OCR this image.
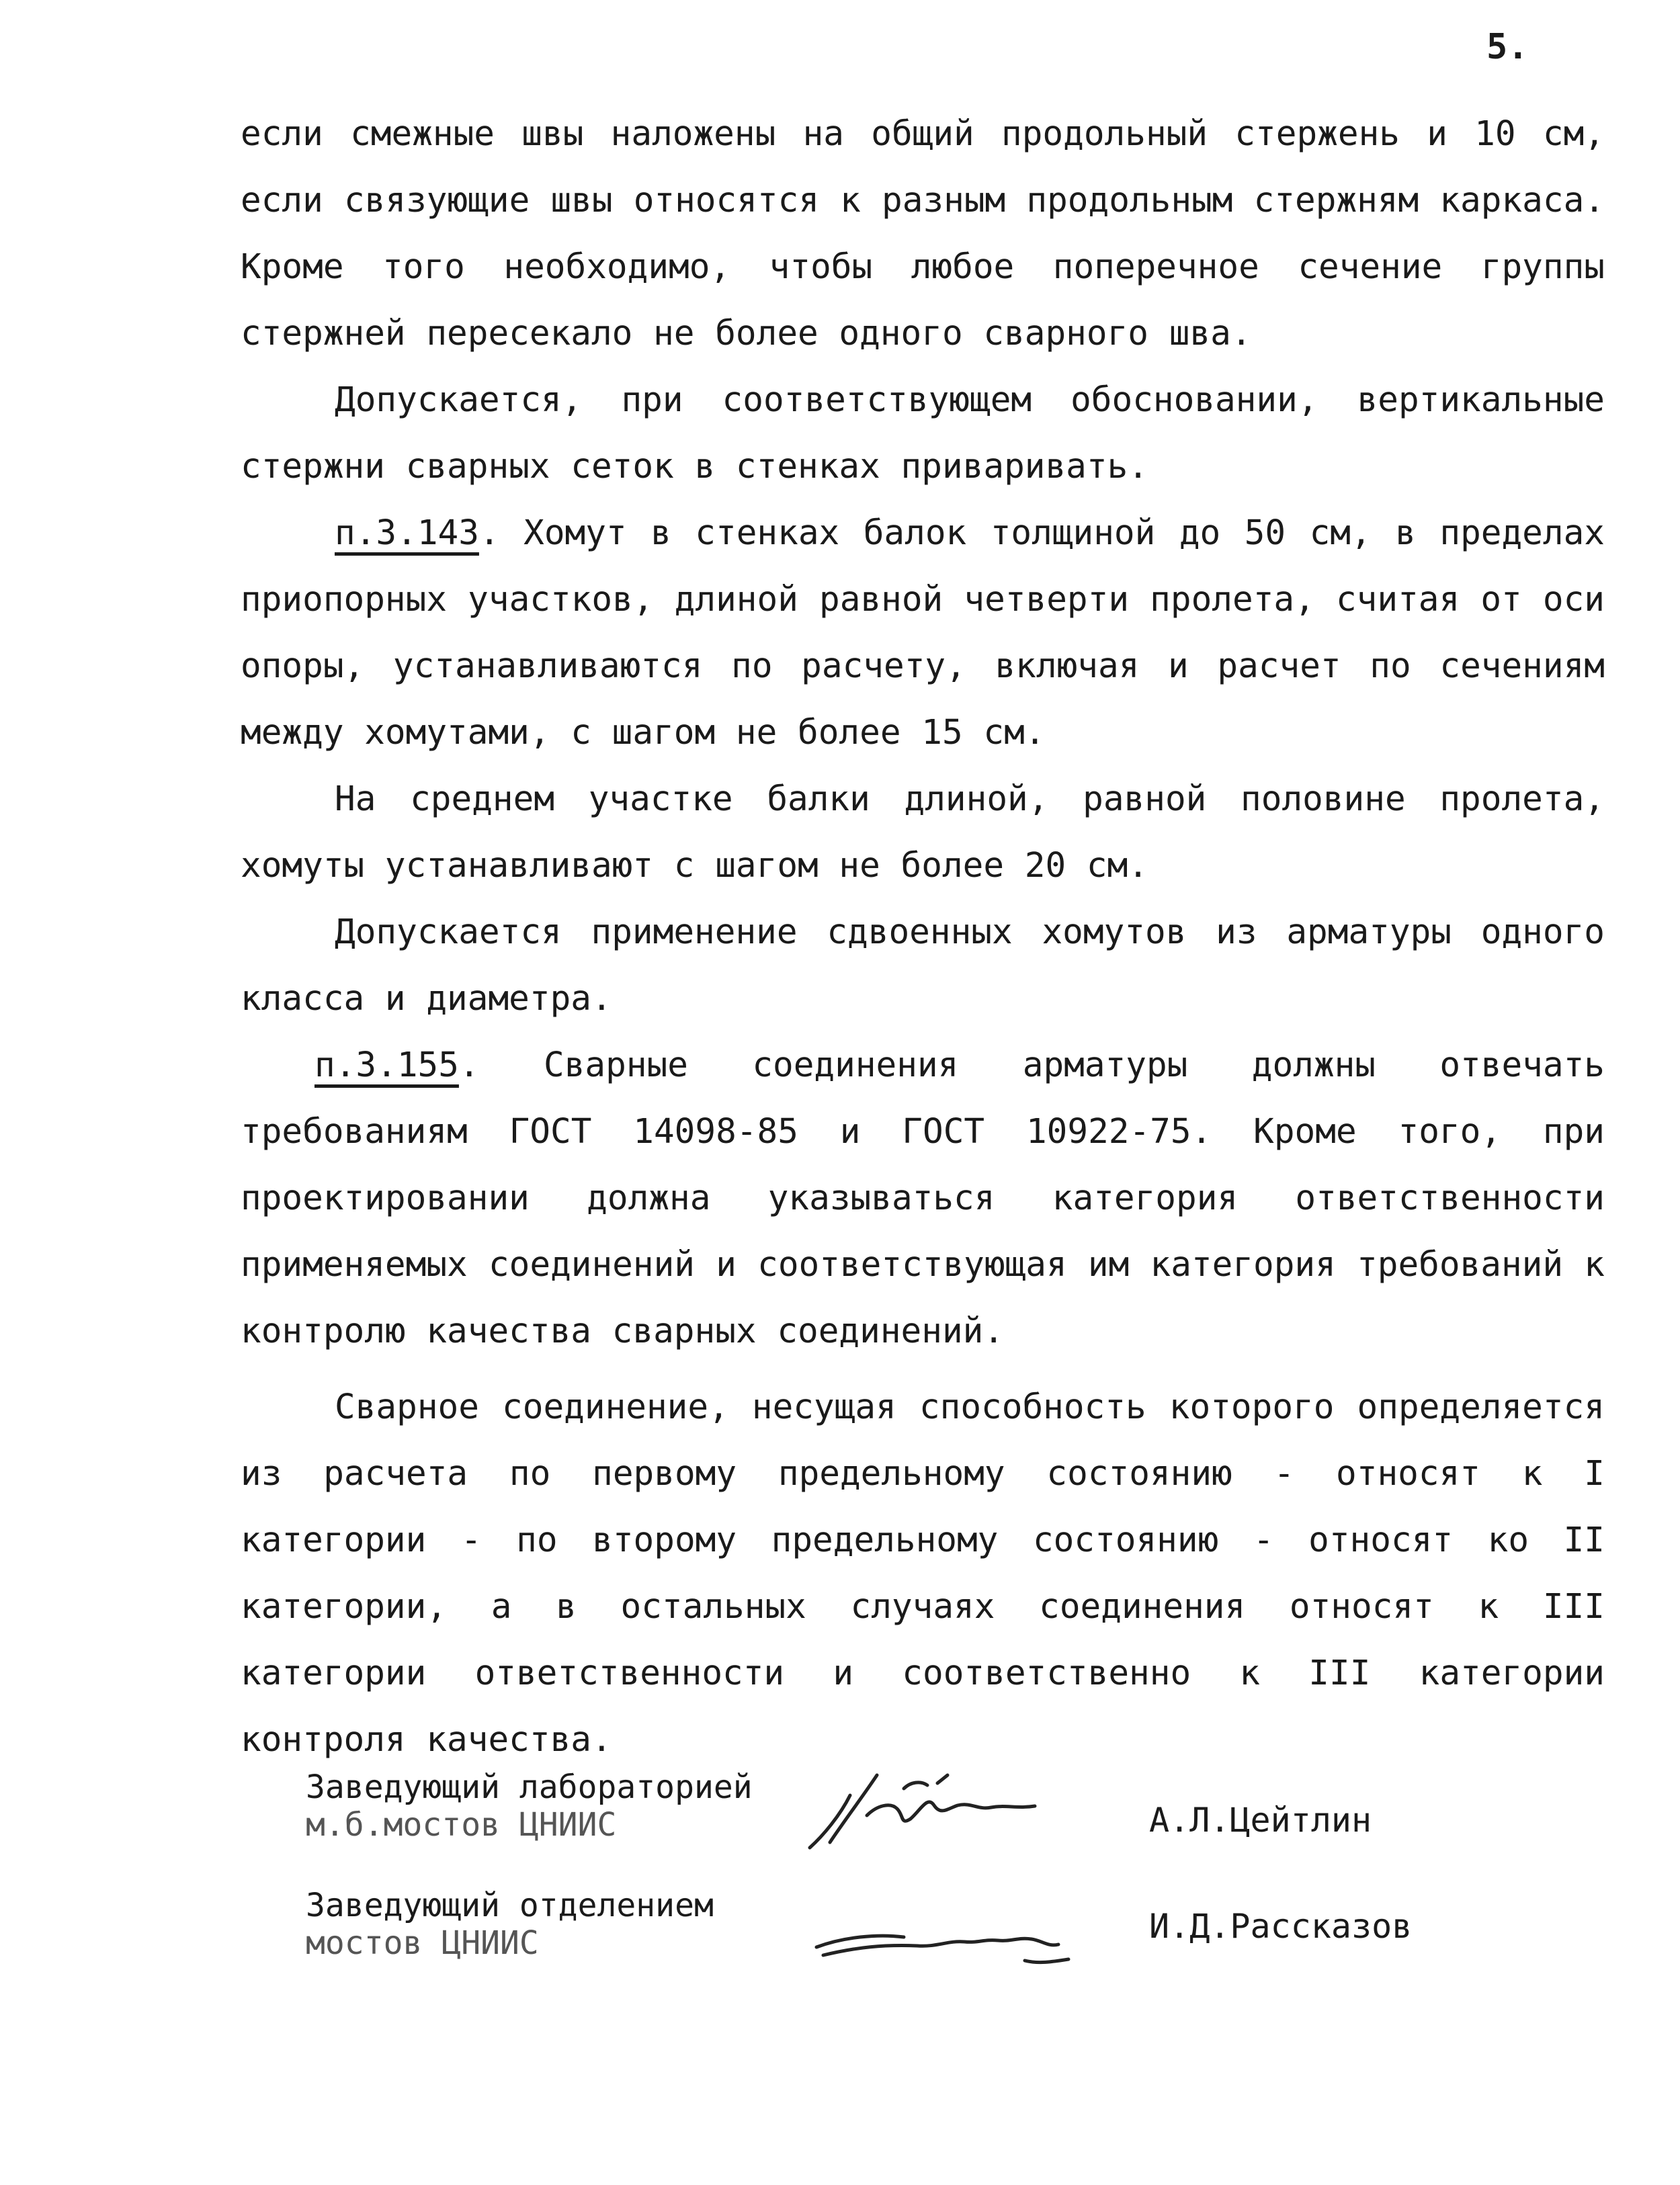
5.

если смежные швы наложены на общий продольный стержень и 10 см, если связующие швы относятся к разным продольным стержням каркаса. Кроме того необходимо, чтобы любое поперечное сечение группы стержней пересекало не более одного сварного шва.

Допускается, при соответствующем обосновании, вертикальные стержни сварных сеток в стенках приваривать.

п.3.143. Хомут в стенках балок толщиной до 50 см, в пределах приопорных участков, длиной равной четверти пролета, считая от оси опоры, устанавливаются по расчету, включая и расчет по сечениям между хомутами, с шагом не более 15 см.

На среднем участке балки длиной, равной половине пролета, хомуты устанавливают с шагом не более 20 см.

Допускается применение сдвоенных хомутов из арматуры одного класса и диаметра.

п.3.155. Сварные соединения арматуры должны отвечать требованиям ГОСТ 14098-85 и ГОСТ 10922-75. Кроме того, при проектировании должна указываться категория ответственности применяемых соединений и соответствующая им категория требований к контролю качества сварных соединений.

Сварное соединение, несущая способность которого определяется из расчета по первому предельному состоянию - относят к I категории - по второму предельному состоянию - относят ко II категории, а в остальных случаях соединения относят к III категории ответственности и соответственно к III категории контроля качества.

Заведующий лабораторией
м.б.мостов ЦНИИС	А.Л.Цейтлин
Заведующий отделением
мостов ЦНИИС	И.Д.Рассказов
